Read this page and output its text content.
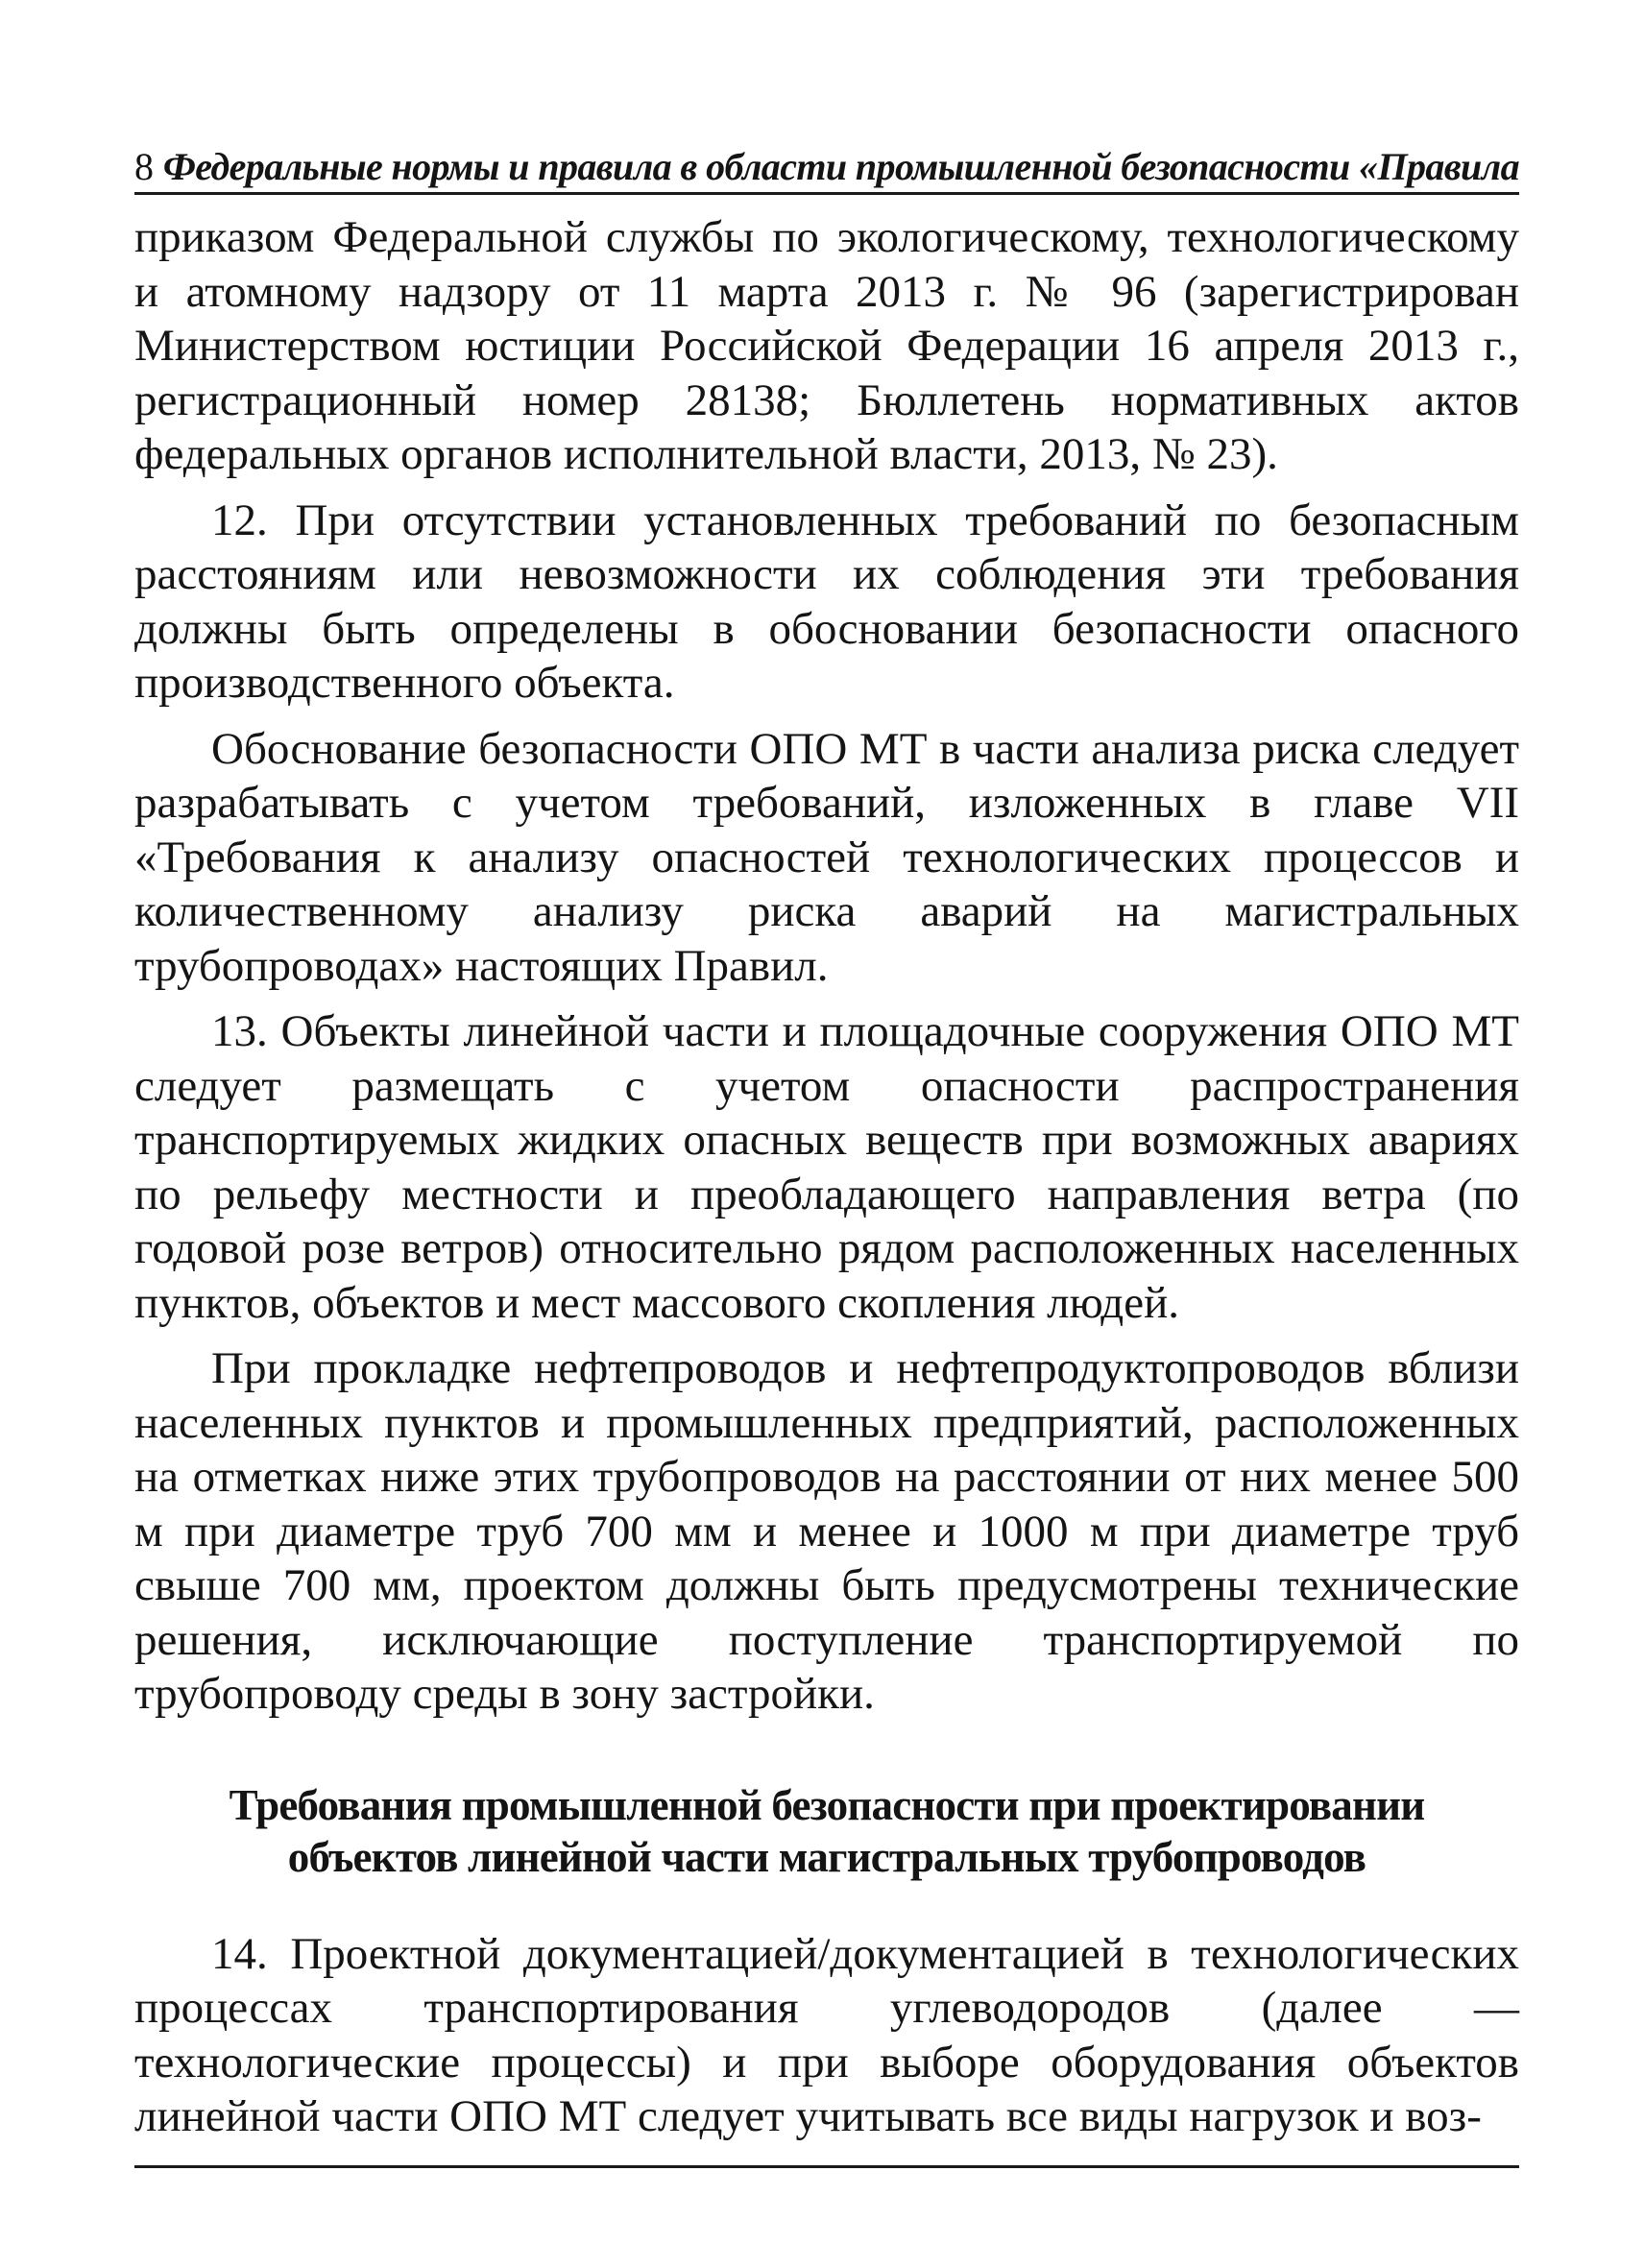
8 Федеральные нормы и правила в области промышленной безопасности «Правила

приказом Федеральной службы по экологическому, технологическому и атомному надзору от 11 марта 2013 г. № 96 (зарегистрирован Министерством юстиции Российской Федерации 16 апреля 2013 г., регистрационный номер 28138; Бюллетень нормативных актов федеральных органов исполнительной власти, 2013, № 23).

12. При отсутствии установленных требований по безопасным расстояниям или невозможности их соблюдения эти требования должны быть определены в обосновании безопасности опасного производственного объекта.

Обоснование безопасности ОПО МТ в части анализа риска следует разрабатывать с учетом требований, изложенных в главе VII «Требования к анализу опасностей технологических процессов и количественному анализу риска аварий на магистральных трубопроводах» настоящих Правил.

13. Объекты линейной части и площадочные сооружения ОПО МТ следует размещать с учетом опасности распространения транспортируемых жидких опасных веществ при возможных авариях по рельефу местности и преобладающего направления ветра (по годовой розе ветров) относительно рядом расположенных населенных пунктов, объектов и мест массового скопления людей.

При прокладке нефтепроводов и нефтепродуктопроводов вблизи населенных пунктов и промышленных предприятий, расположенных на отметках ниже этих трубопроводов на расстоянии от них менее 500 м при диаметре труб 700 мм и менее и 1000 м при диаметре труб свыше 700 мм, проектом должны быть предусмотрены технические решения, исключающие поступление транспортируемой по трубопроводу среды в зону застройки.

Требования промышленной безопасности при проектировании объектов линейной части магистральных трубопроводов

14. Проектной документацией/документацией в технологических процессах транспортирования углеводородов (далее — технологические процессы) и при выборе оборудования объектов линейной части ОПО МТ следует учитывать все виды нагрузок и воз-
